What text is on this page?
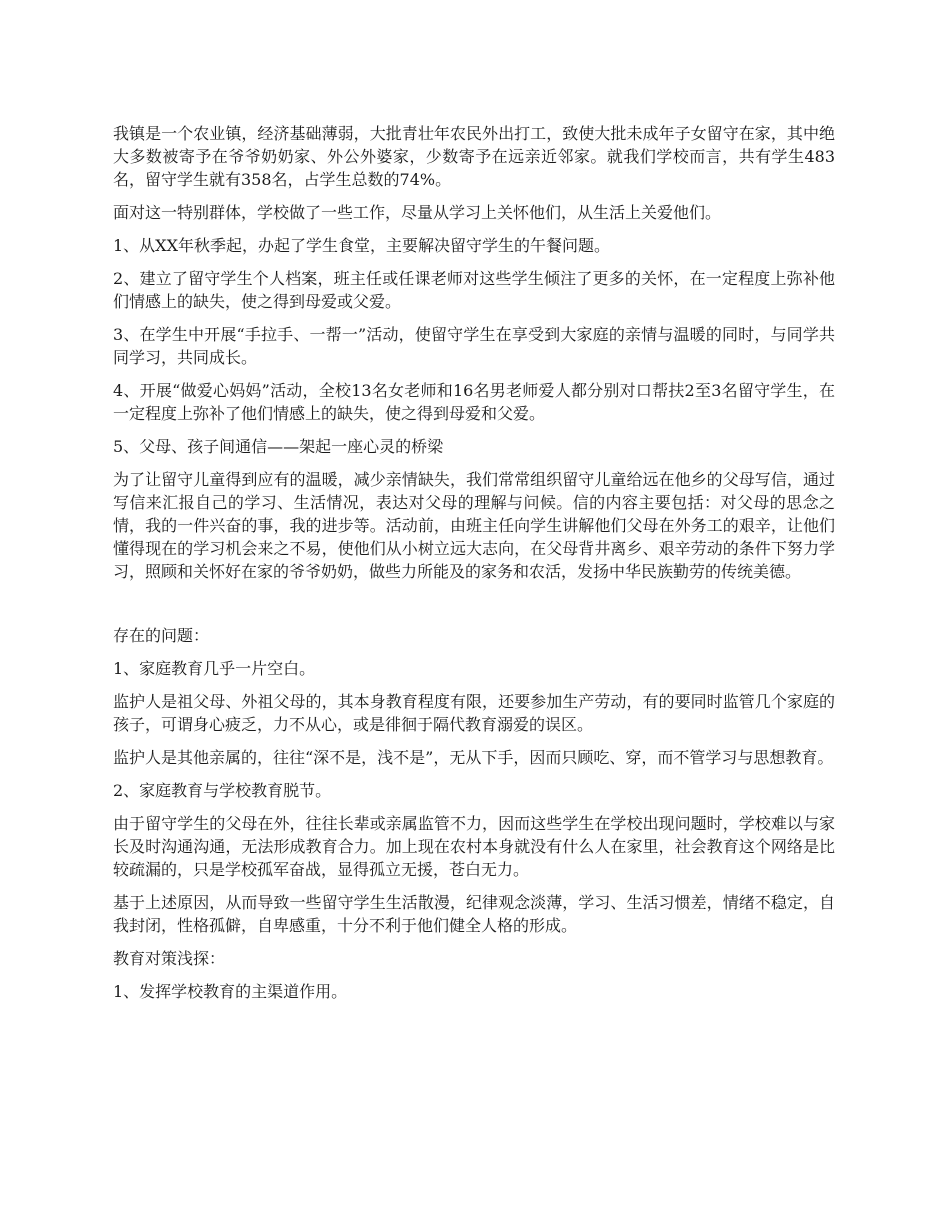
我镇是一个农业镇，经济基础薄弱，大批青壮年农民外出打工，致使大批未成年子女留守在家，其中绝大多数被寄予在爷爷奶奶家、外公外婆家，少数寄予在远亲近邻家。就我们学校而言，共有学生483名，留守学生就有358名，占学生总数的74%。

面对这一特别群体，学校做了一些工作，尽量从学习上关怀他们，从生活上关爱他们。

1、从XX年秋季起，办起了学生食堂，主要解决留守学生的午餐问题。

2、建立了留守学生个人档案，班主任或任课老师对这些学生倾注了更多的关怀，在一定程度上弥补他们情感上的缺失，使之得到母爱或父爱。

3、在学生中开展“手拉手、一帮一”活动，使留守学生在享受到大家庭的亲情与温暖的同时，与同学共同学习，共同成长。

4、开展“做爱心妈妈”活动，全校13名女老师和16名男老师爱人都分别对口帮扶2至3名留守学生，在一定程度上弥补了他们情感上的缺失，使之得到母爱和父爱。

5、父母、孩子间通信——架起一座心灵的桥梁

为了让留守儿童得到应有的温暖，减少亲情缺失，我们常常组织留守儿童给远在他乡的父母写信，通过写信来汇报自己的学习、生活情况，表达对父母的理解与问候。信的内容主要包括：对父母的思念之情，我的一件兴奋的事，我的进步等。活动前，由班主任向学生讲解他们父母在外务工的艰辛，让他们懂得现在的学习机会来之不易，使他们从小树立远大志向，在父母背井离乡、艰辛劳动的条件下努力学习，照顾和关怀好在家的爷爷奶奶，做些力所能及的家务和农活，发扬中华民族勤劳的传统美德。

存在的问题：

1、家庭教育几乎一片空白。

监护人是祖父母、外祖父母的，其本身教育程度有限，还要参加生产劳动，有的要同时监管几个家庭的孩子，可谓身心疲乏，力不从心，或是徘徊于隔代教育溺爱的误区。

监护人是其他亲属的，往往“深不是，浅不是”，无从下手，因而只顾吃、穿，而不管学习与思想教育。

2、家庭教育与学校教育脱节。

由于留守学生的父母在外，往往长辈或亲属监管不力，因而这些学生在学校出现问题时，学校难以与家长及时沟通沟通，无法形成教育合力。加上现在农村本身就没有什么人在家里，社会教育这个网络是比较疏漏的，只是学校孤军奋战，显得孤立无援，苍白无力。

基于上述原因，从而导致一些留守学生生活散漫，纪律观念淡薄，学习、生活习惯差，情绪不稳定，自我封闭，性格孤僻，自卑感重，十分不利于他们健全人格的形成。

教育对策浅探：

1、发挥学校教育的主渠道作用。
